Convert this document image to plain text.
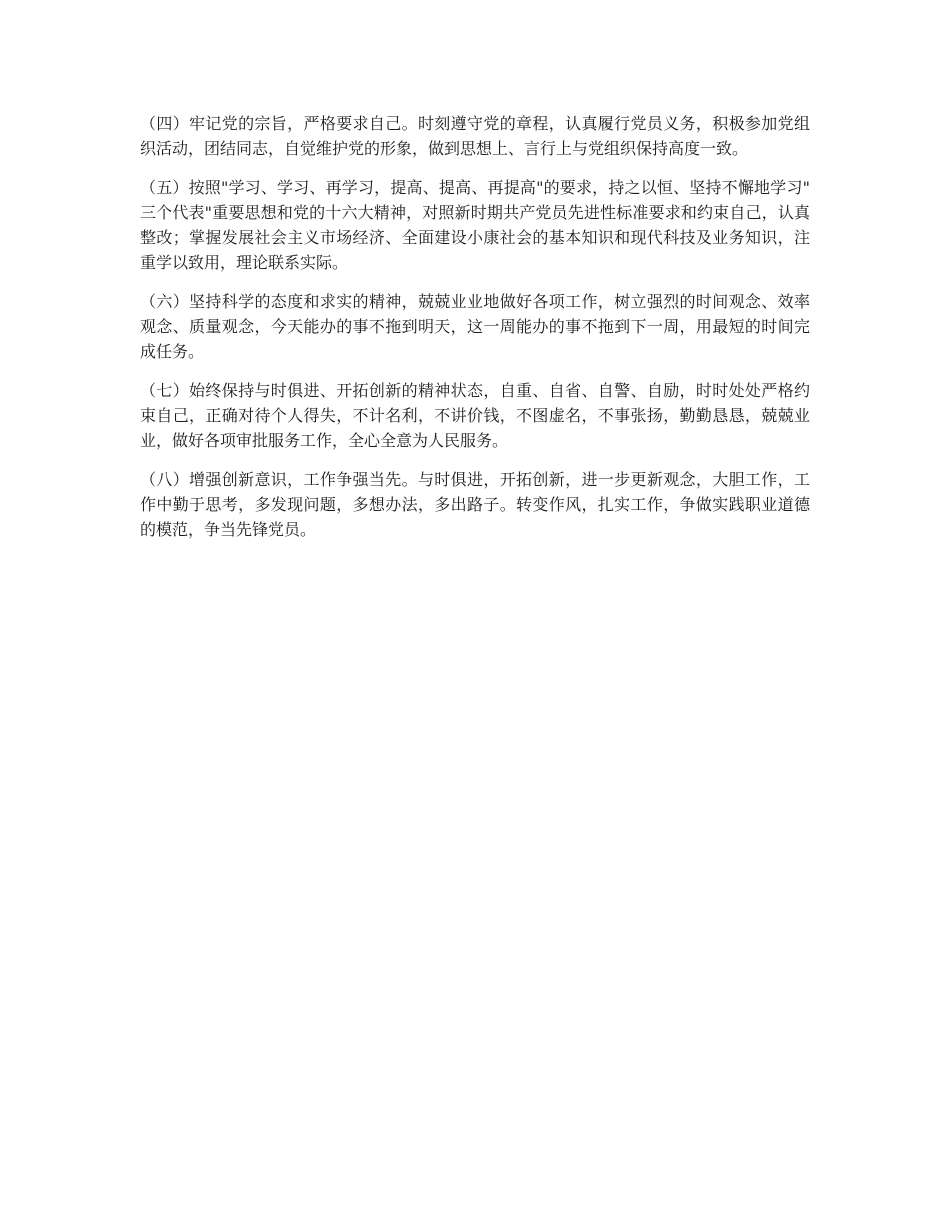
（四）牢记党的宗旨，严格要求自己。时刻遵守党的章程，认真履行党员义务，积极参加党组织活动，团结同志，自觉维护党的形象，做到思想上、言行上与党组织保持高度一致。

（五）按照"学习、学习、再学习，提高、提高、再提高"的要求，持之以恒、坚持不懈地学习"三个代表"重要思想和党的十六大精神，对照新时期共产党员先进性标准要求和约束自己，认真整改；掌握发展社会主义市场经济、全面建设小康社会的基本知识和现代科技及业务知识，注重学以致用，理论联系实际。

（六）坚持科学的态度和求实的精神，兢兢业业地做好各项工作，树立强烈的时间观念、效率观念、质量观念，今天能办的事不拖到明天，这一周能办的事不拖到下一周，用最短的时间完成任务。

（七）始终保持与时俱进、开拓创新的精神状态，自重、自省、自警、自励，时时处处严格约束自己，正确对待个人得失，不计名利，不讲价钱，不图虚名，不事张扬，勤勤恳恳，兢兢业业，做好各项审批服务工作，全心全意为人民服务。

（八）增强创新意识，工作争强当先。与时俱进，开拓创新，进一步更新观念，大胆工作，工作中勤于思考，多发现问题，多想办法，多出路子。转变作风，扎实工作，争做实践职业道德的模范，争当先锋党员。
